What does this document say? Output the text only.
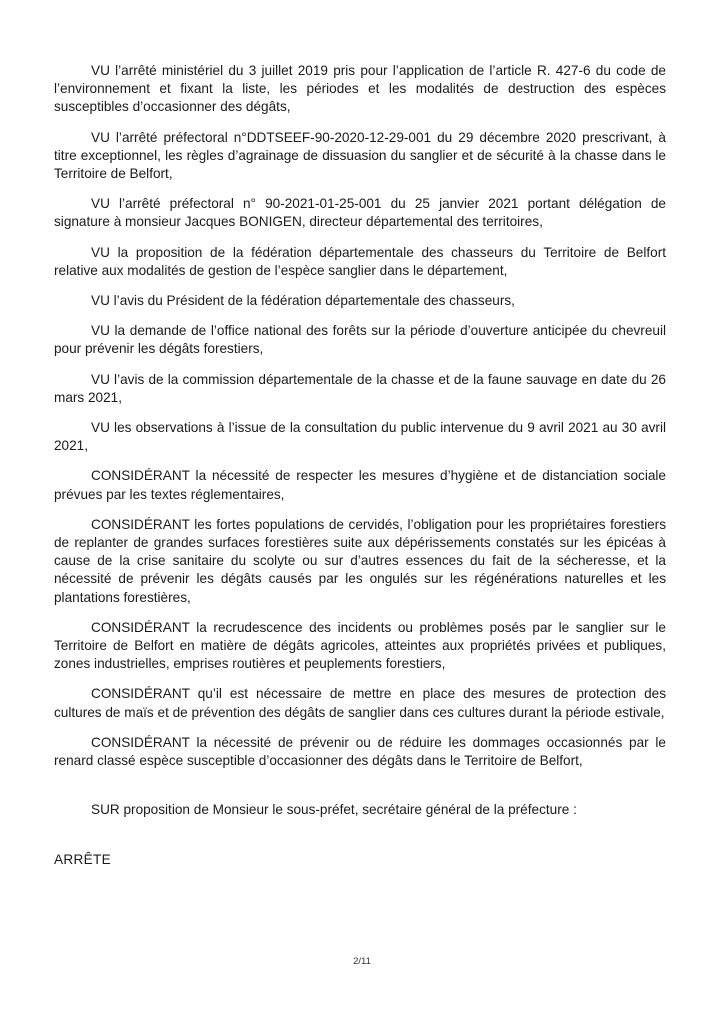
VU l’arrêté ministériel du 3 juillet 2019 pris pour l’application de l’article R. 427-6 du code de l’environnement et fixant la liste, les périodes et les modalités de destruction des espèces susceptibles d’occasionner des dégâts,

VU l’arrêté préfectoral n°DDTSEEF-90-2020-12-29-001 du 29 décembre 2020 prescrivant, à titre exceptionnel, les règles d’agrainage de dissuasion du sanglier et de sécurité à la chasse dans le Territoire de Belfort,

VU l’arrêté préfectoral n° 90-2021-01-25-001 du 25 janvier 2021 portant délégation de signature à monsieur Jacques BONIGEN, directeur départemental des territoires,

VU la proposition de la fédération départementale des chasseurs du Territoire de Belfort relative aux modalités de gestion de l’espèce sanglier dans le département,

VU l’avis du Président de la fédération départementale des chasseurs,

VU la demande de l’office national des forêts sur la période d’ouverture anticipée du chevreuil pour prévenir les dégâts forestiers,

VU l’avis de la commission départementale de la chasse et de la faune sauvage en date du 26 mars 2021,

VU les observations à l’issue de la consultation du public intervenue du 9 avril 2021 au 30 avril 2021,

CONSIDÉRANT la nécessité de respecter les mesures d’hygiène et de distanciation sociale prévues par les textes réglementaires,

CONSIDÉRANT les fortes populations de cervidés, l’obligation pour les propriétaires forestiers de replanter de grandes surfaces forestières suite aux dépérissements constatés sur les épicéas à cause de la crise sanitaire du scolyte ou sur d’autres essences du fait de la sécheresse, et la nécessité de prévenir les dégâts causés par les ongulés sur les régénérations naturelles et les plantations forestières,

CONSIDÉRANT la recrudescence des incidents ou problèmes posés par le sanglier sur le Territoire de Belfort en matière de dégâts agricoles, atteintes aux propriétés privées et publiques, zones industrielles, emprises routières et peuplements forestiers,

CONSIDÉRANT qu’il est nécessaire de mettre en place des mesures de protection des cultures de maïs et de prévention des dégâts de sanglier dans ces cultures durant la période estivale,

CONSIDÉRANT la nécessité de prévenir ou de réduire les dommages occasionnés par le renard classé espèce susceptible d’occasionner des dégâts dans le Territoire de Belfort,

SUR proposition de Monsieur le sous-préfet, secrétaire général de la préfecture :

ARRÊTE

2/11
